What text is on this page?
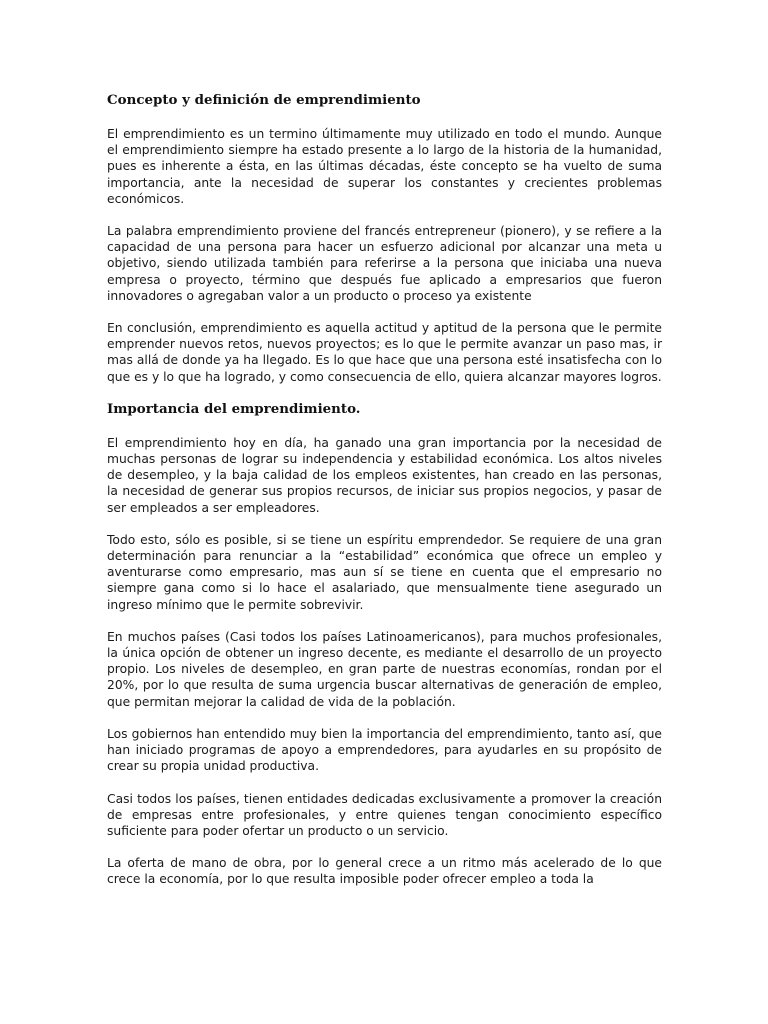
Concepto y definición de emprendimiento

El emprendimiento es un termino últimamente muy utilizado en todo el mundo. Aunque el emprendimiento siempre ha estado presente a lo largo de la historia de la humanidad, pues es inherente a ésta, en las últimas décadas, éste concepto se ha vuelto de suma importancia, ante la necesidad de superar los constantes y crecientes problemas económicos.

La palabra emprendimiento proviene del francés entrepreneur (pionero), y se refiere a la capacidad de una persona para hacer un esfuerzo adicional por alcanzar una meta u objetivo, siendo utilizada también para referirse a la persona que iniciaba una nueva empresa o proyecto, término que después fue aplicado a empresarios que fueron innovadores o agregaban valor a un producto o proceso ya existente

En conclusión, emprendimiento es aquella actitud y aptitud de la persona que le permite emprender nuevos retos, nuevos proyectos; es lo que le permite avanzar un paso mas, ir mas allá de donde ya ha llegado. Es lo que hace que una persona esté insatisfecha con lo que es y lo que ha logrado, y como consecuencia de ello, quiera alcanzar mayores logros.

Importancia del emprendimiento.

El emprendimiento hoy en día, ha ganado una gran importancia por la necesidad de muchas personas de lograr su independencia y estabilidad económica. Los altos niveles de desempleo, y la baja calidad de los empleos existentes, han creado en las personas, la necesidad de generar sus propios recursos, de iniciar sus propios negocios, y pasar de ser empleados a ser empleadores.

Todo esto, sólo es posible, si se tiene un espíritu emprendedor. Se requiere de una gran determinación para renunciar a la “estabilidad” económica que ofrece un empleo y aventurarse como empresario, mas aun sí se tiene en cuenta que el empresario no siempre gana como si lo hace el asalariado, que mensualmente tiene asegurado un ingreso mínimo que le permite sobrevivir.

En muchos países (Casi todos los países Latinoamericanos), para muchos profesionales, la única opción de obtener un ingreso decente, es mediante el desarrollo de un proyecto propio. Los niveles de desempleo, en gran parte de nuestras economías, rondan por el 20%, por lo que resulta de suma urgencia buscar alternativas de generación de empleo, que permitan mejorar la calidad de vida de la población.

Los gobiernos han entendido muy bien la importancia del emprendimiento, tanto así, que han iniciado programas de apoyo a emprendedores, para ayudarles en su propósito de crear su propia unidad productiva.

Casi todos los países, tienen entidades dedicadas exclusivamente a promover la creación de empresas entre profesionales, y entre quienes tengan conocimiento específico suficiente para poder ofertar un producto o un servicio.

La oferta de mano de obra, por lo general crece a un ritmo más acelerado de lo que crece la economía, por lo que resulta imposible poder ofrecer empleo a toda la
